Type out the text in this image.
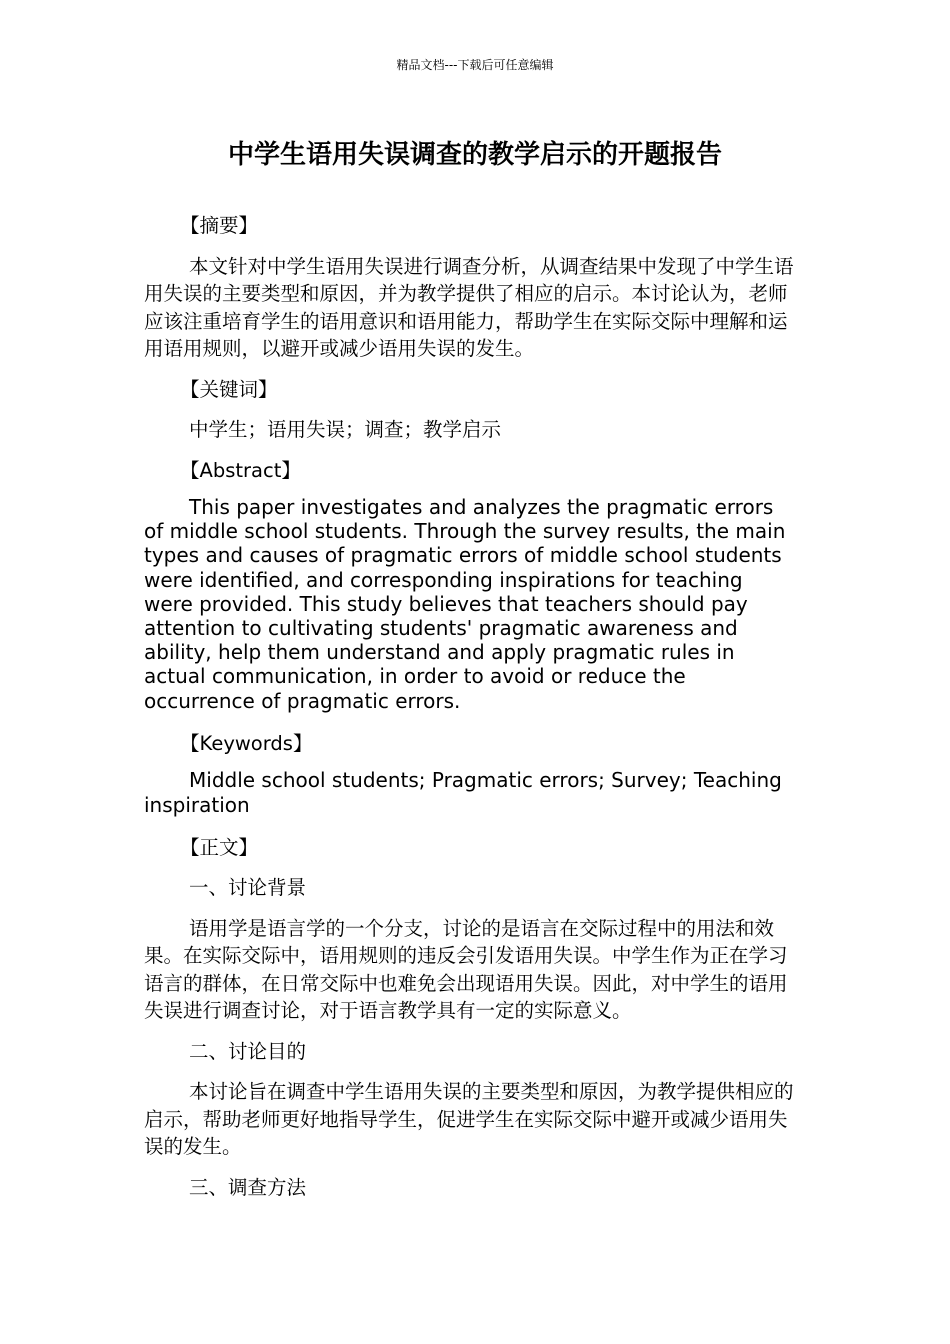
精品文档---下载后可任意编辑
中学生语用失误调查的教学启示的开题报告

【摘要】

本文针对中学生语用失误进行调查分析，从调查结果中发现了中学生语用失误的主要类型和原因，并为教学提供了相应的启示。本讨论认为，老师应该注重培育学生的语用意识和语用能力，帮助学生在实际交际中理解和运用语用规则，以避开或减少语用失误的发生。

【关键词】

中学生；语用失误；调查；教学启示

【Abstract】

This paper investigates and analyzes the pragmatic errors of middle school students. Through the survey results, the main types and causes of pragmatic errors of middle school students were identified, and corresponding inspirations for teaching were provided. This study believes that teachers should pay attention to cultivating students' pragmatic awareness and ability, help them understand and apply pragmatic rules in actual communication, in order to avoid or reduce the occurrence of pragmatic errors.

【Keywords】

Middle school students; Pragmatic errors; Survey; Teaching inspiration

【正文】

一、讨论背景

语用学是语言学的一个分支，讨论的是语言在交际过程中的用法和效果。在实际交际中，语用规则的违反会引发语用失误。中学生作为正在学习语言的群体，在日常交际中也难免会出现语用失误。因此，对中学生的语用失误进行调查讨论，对于语言教学具有一定的实际意义。

二、讨论目的

本讨论旨在调查中学生语用失误的主要类型和原因，为教学提供相应的启示，帮助老师更好地指导学生，促进学生在实际交际中避开或减少语用失误的发生。

三、调查方法
